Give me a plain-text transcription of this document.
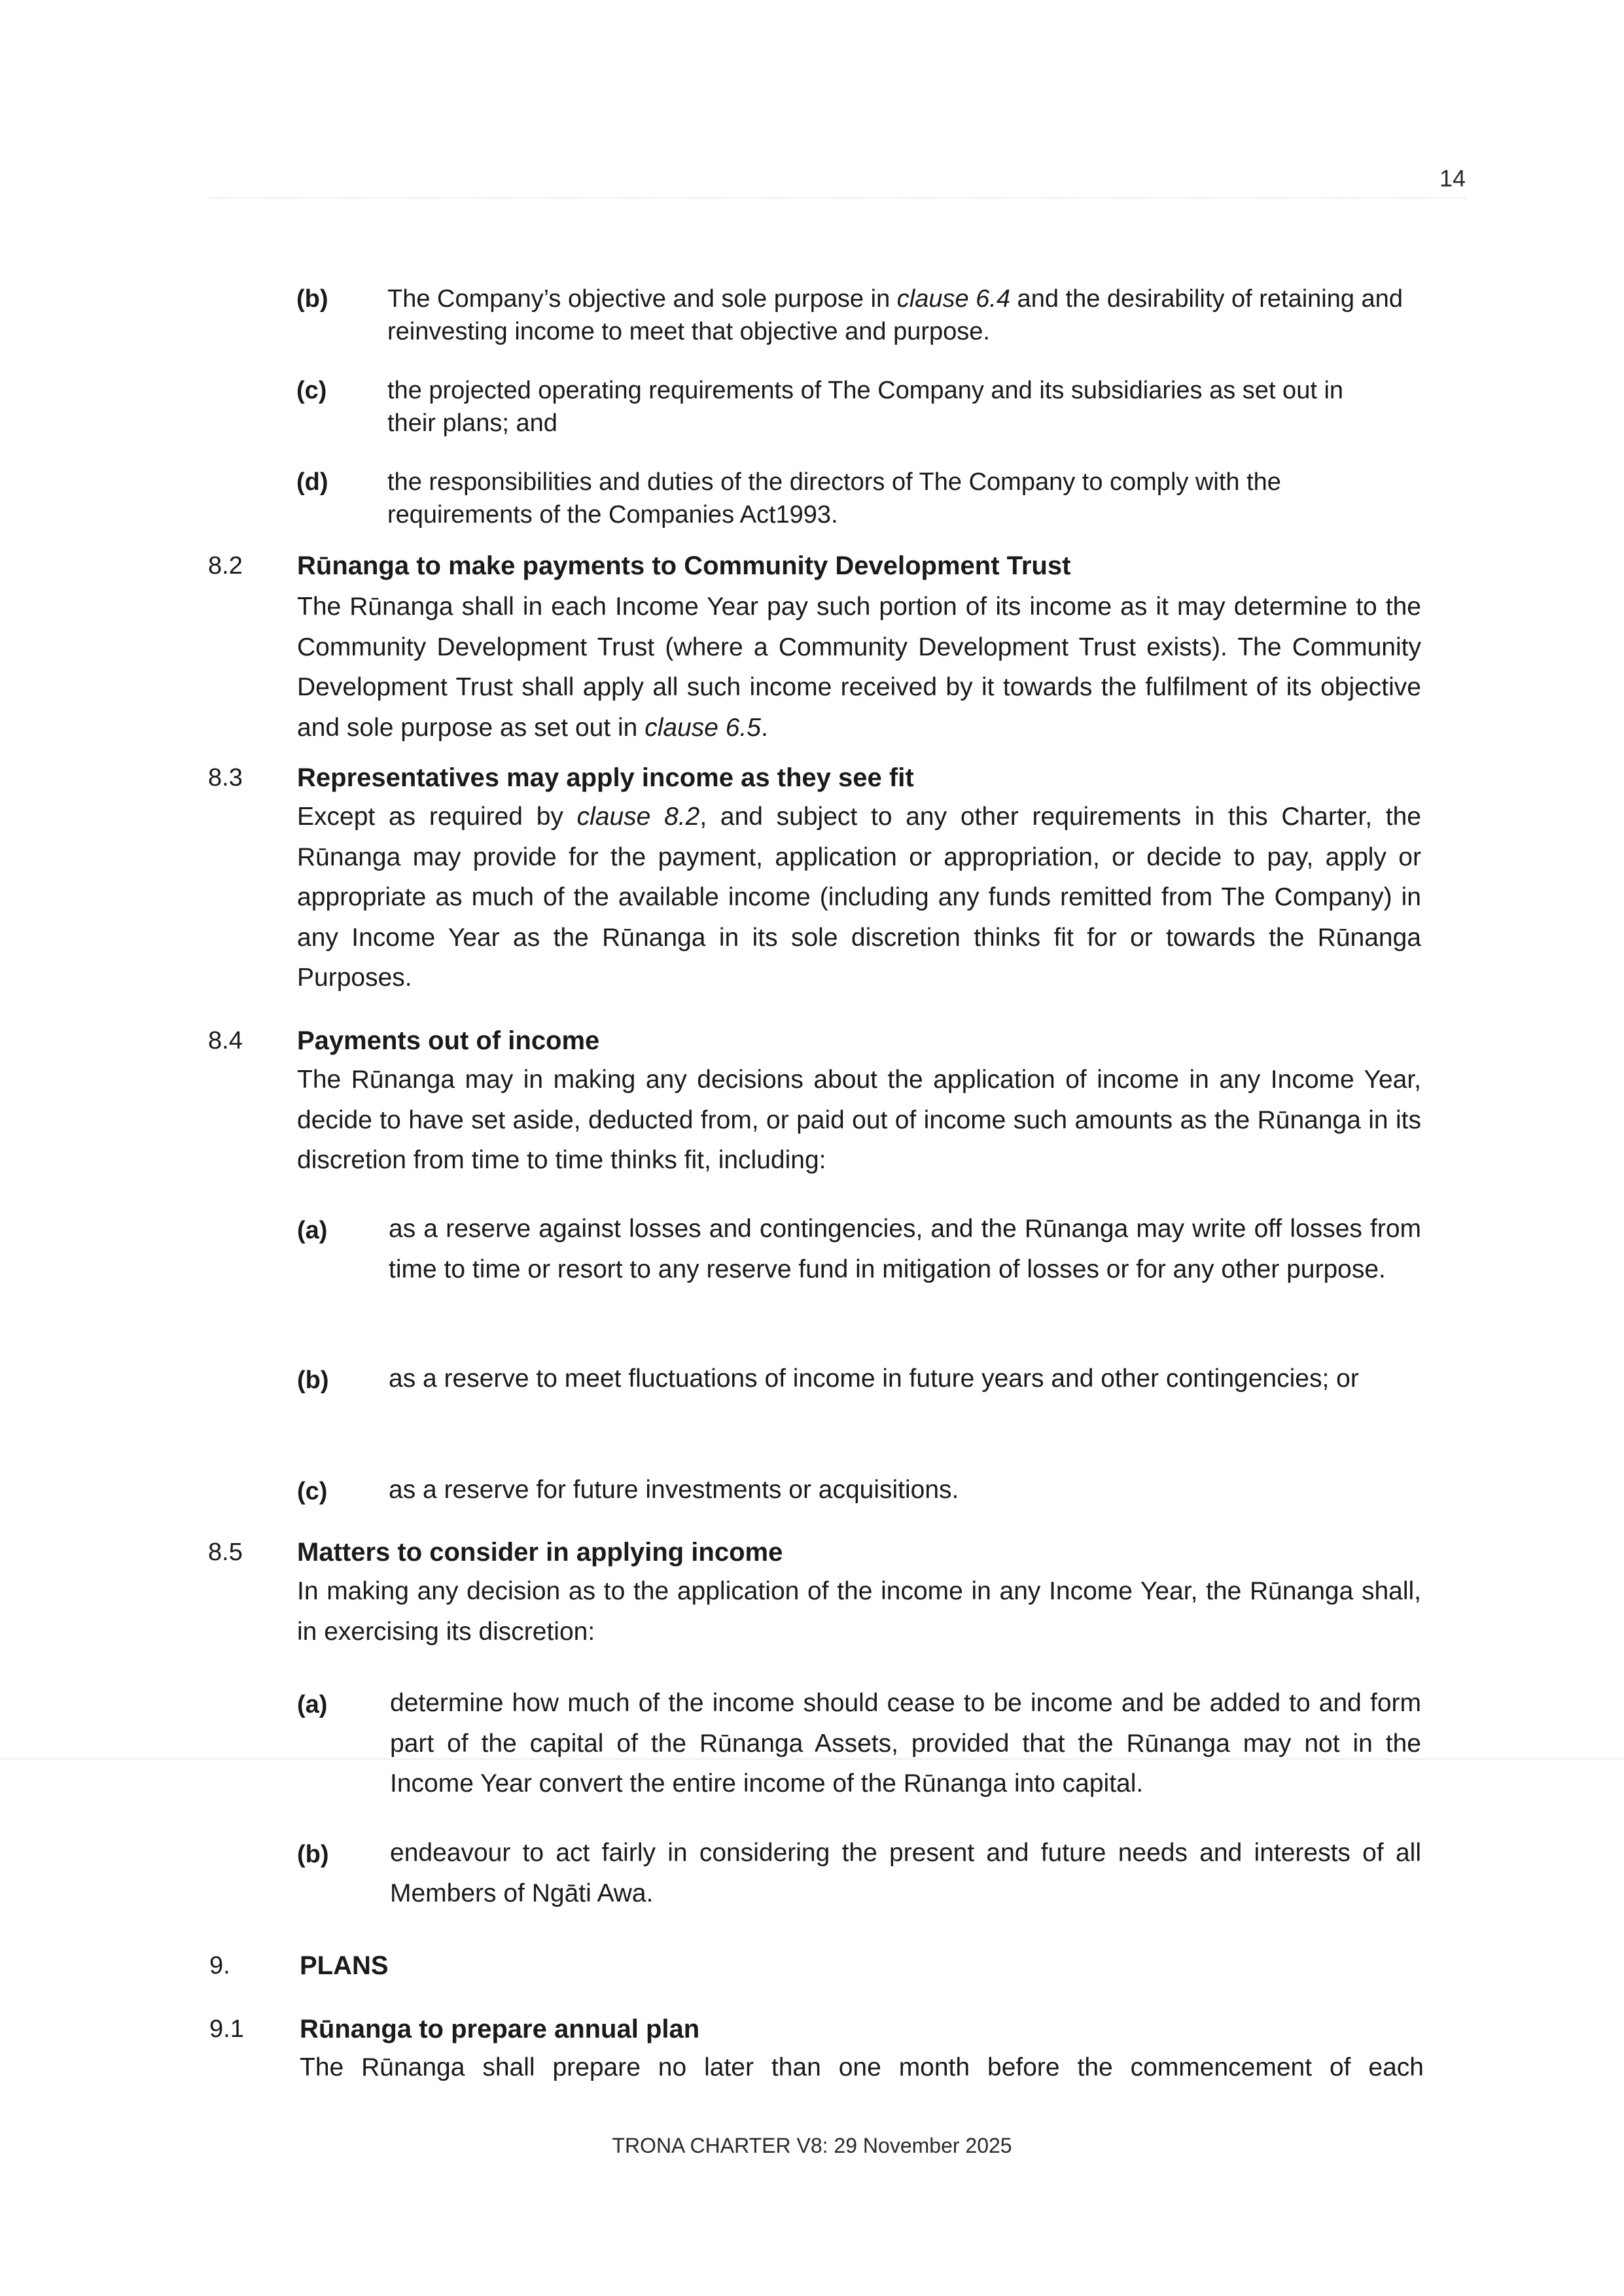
14
(b) The Company’s objective and sole purpose in clause 6.4 and the desirability of retaining and reinvesting income to meet that objective and purpose.
(c) the projected operating requirements of The Company and its subsidiaries as set out in their plans; and
(d) the responsibilities and duties of the directors of The Company to comply with the requirements of the Companies Act1993.
8.2 Rūnanga to make payments to Community Development Trust
The Rūnanga shall in each Income Year pay such portion of its income as it may determine to the Community Development Trust (where a Community Development Trust exists). The Community Development Trust shall apply all such income received by it towards the fulfilment of its objective and sole purpose as set out in clause 6.5.
8.3 Representatives may apply income as they see fit
Except as required by clause 8.2, and subject to any other requirements in this Charter, the Rūnanga may provide for the payment, application or appropriation, or decide to pay, apply or appropriate as much of the available income (including any funds remitted from The Company) in any Income Year as the Rūnanga in its sole discretion thinks fit for or towards the Rūnanga Purposes.
8.4 Payments out of income
The Rūnanga may in making any decisions about the application of income in any Income Year, decide to have set aside, deducted from, or paid out of income such amounts as the Rūnanga in its discretion from time to time thinks fit, including:
(a) as a reserve against losses and contingencies, and the Rūnanga may write off losses from time to time or resort to any reserve fund in mitigation of losses or for any other purpose.
(b) as a reserve to meet fluctuations of income in future years and other contingencies; or
(c) as a reserve for future investments or acquisitions.
8.5 Matters to consider in applying income
In making any decision as to the application of the income in any Income Year, the Rūnanga shall, in exercising its discretion:
(a) determine how much of the income should cease to be income and be added to and form part of the capital of the Rūnanga Assets, provided that the Rūnanga may not in the Income Year convert the entire income of the Rūnanga into capital.
(b) endeavour to act fairly in considering the present and future needs and interests of all Members of Ngāti Awa.
9.	PLANS
9.1 Rūnanga to prepare annual plan
The Rūnanga shall prepare no later than one month before the commencement of each
TRONA CHARTER V8: 29 November 2025
